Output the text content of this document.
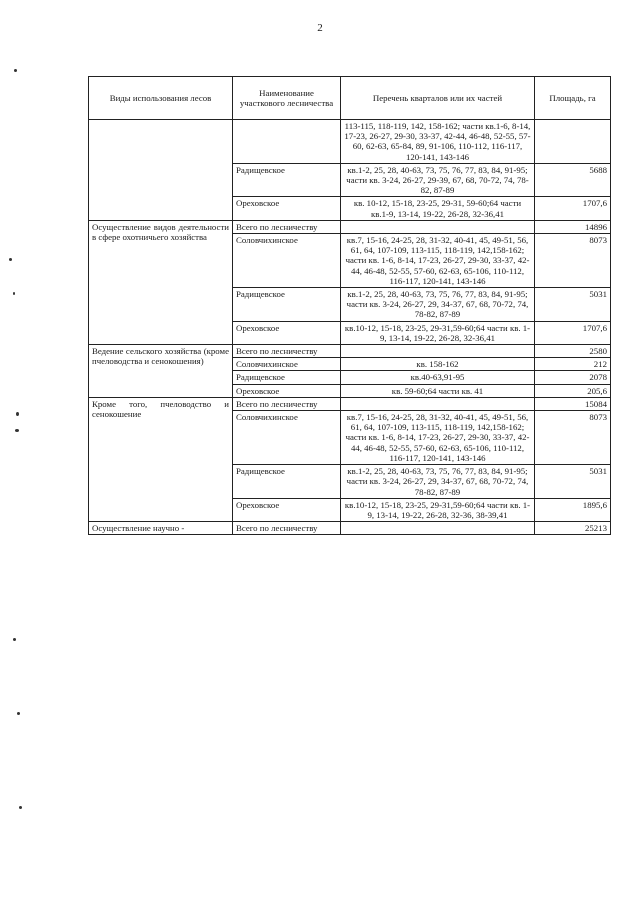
2
Виды использования лесов	Наименование участкового лесничества	Перечень кварталов или их частей	Площадь, га
		113-115, 118-119, 142, 158-162; части кв.1-6, 8-14, 17-23, 26-27, 29-30, 33-37, 42-44, 46-48, 52-55, 57-60, 62-63, 65-84, 89, 91-106, 110-112, 116-117, 120-141, 143-146	
	Радищевское	кв.1-2, 25, 28, 40-63, 73, 75, 76, 77, 83, 84, 91-95; части кв. 3-24, 26-27, 29-39, 67, 68, 70-72, 74, 78-82, 87-89	5688
	Ореховское	кв. 10-12, 15-18, 23-25, 29-31, 59-60;64 части кв.1-9, 13-14, 19-22, 26-28, 32-36,41	1707,6
Осуществление видов деятельности в сфере охотничьего хозяйства	Всего по лесничеству		14896
	Соловчихинское	кв.7, 15-16, 24-25, 28, 31-32, 40-41, 45, 49-51, 56, 61, 64, 107-109, 113-115, 118-119, 142,158-162; части кв. 1-6, 8-14, 17-23, 26-27, 29-30, 33-37, 42-44, 46-48, 52-55, 57-60, 62-63, 65-106, 110-112, 116-117, 120-141, 143-146	8073
	Радищевское	кв.1-2, 25, 28, 40-63, 73, 75, 76, 77, 83, 84, 91-95; части кв. 3-24, 26-27, 29, 34-37, 67, 68, 70-72, 74, 78-82, 87-89	5031
	Ореховское	кв.10-12, 15-18, 23-25, 29-31,59-60;64 части кв. 1-9, 13-14, 19-22, 26-28, 32-36,41	1707,6
Ведение сельского хозяйства (кроме пчеловодства и сенокошения)	Всего по лесничеству		2580
	Соловчихинское	кв. 158-162	212
	Радищевское	кв.40-63,91-95	2078
	Ореховское	кв. 59-60;64 части кв. 41	205,6
Кроме того, пчеловодство и сенокошение	Всего по лесничеству		15084
	Соловчихинское	кв.7, 15-16, 24-25, 28, 31-32, 40-41, 45, 49-51, 56, 61, 64, 107-109, 113-115, 118-119, 142,158-162; части кв. 1-6, 8-14, 17-23, 26-27, 29-30, 33-37, 42-44, 46-48, 52-55, 57-60, 62-63, 65-106, 110-112, 116-117, 120-141, 143-146	8073
	Радищевское	кв.1-2, 25, 28, 40-63, 73, 75, 76, 77, 83, 84, 91-95; части кв. 3-24, 26-27, 29, 34-37, 67, 68, 70-72, 74, 78-82, 87-89	5031
	Ореховское	кв.10-12, 15-18, 23-25, 29-31,59-60;64 части кв. 1-9, 13-14, 19-22, 26-28, 32-36, 38-39,41	1895,6
Осуществление научно -	Всего по лесничеству		25213
